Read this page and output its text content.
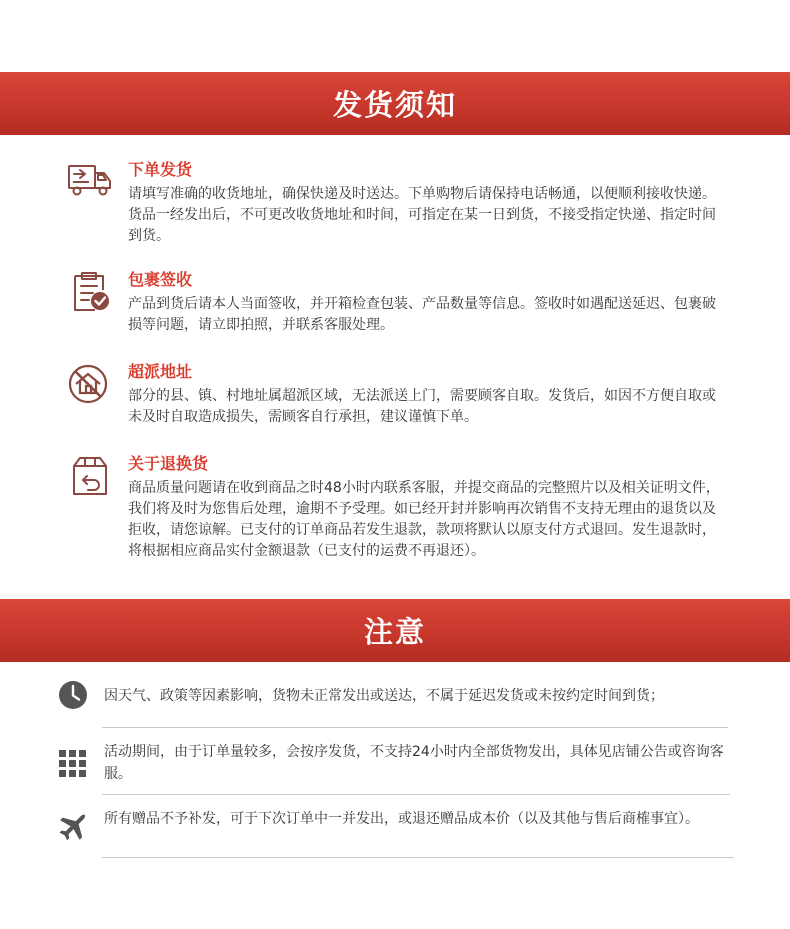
发货须知
下单发货
请填写准确的收货地址，确保快递及时送达。下单购物后请保持电话畅通，以便顺利接收快递。货品一经发出后，不可更改收货地址和时间，可指定在某一日到货，不接受指定快递、指定时间到货。
包裹签收
产品到货后请本人当面签收，并开箱检查包装、产品数量等信息。签收时如遇配送延迟、包裹破损等问题，请立即拍照，并联系客服处理。
超派地址
部分的县、镇、村地址属超派区域，无法派送上门，需要顾客自取。发货后，如因不方便自取或未及时自取造成损失，需顾客自行承担，建议谨慎下单。
关于退换货
商品质量问题请在收到商品之时48小时内联系客服，并提交商品的完整照片以及相关证明文件，我们将及时为您售后处理，逾期不予受理。如已经开封并影响再次销售不支持无理由的退货以及拒收，请您谅解。已支付的订单商品若发生退款，款项将默认以原支付方式退回。发生退款时，将根据相应商品实付金额退款（已支付的运费不再退还）。
注意
因天气、政策等因素影响，货物未正常发出或送达，不属于延迟发货或未按约定时间到货；
活动期间，由于订单量较多，会按序发货，不支持24小时内全部货物发出，具体见店铺公告或咨询客服。
所有赠品不予补发，可于下次订单中一并发出，或退还赠品成本价（以及其他与售后商榷事宜）。
